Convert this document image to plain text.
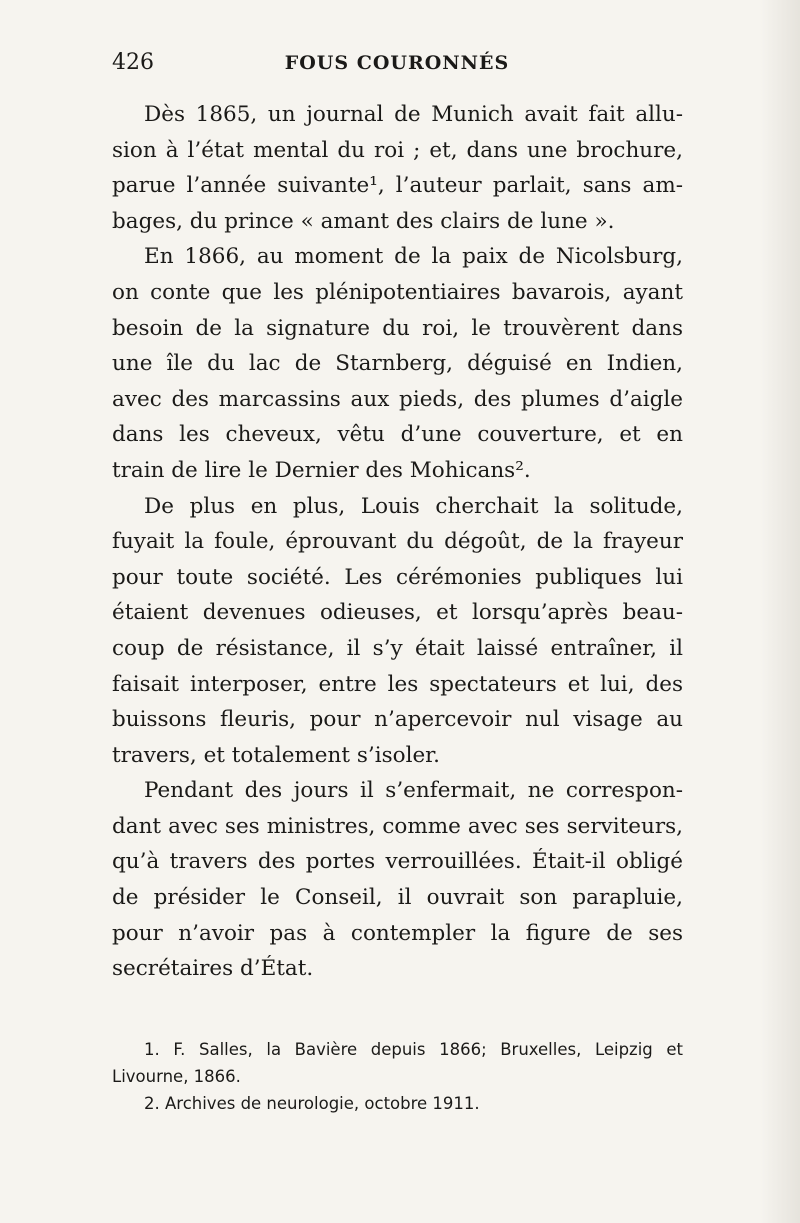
426	FOUS COURONNÉS
Dès 1865, un journal de Munich avait fait allu-
sion à l’état mental du roi ; et, dans une brochure,
parue l’année suivante¹, l’auteur parlait, sans am-
bages, du prince « amant des clairs de lune ».
En 1866, au moment de la paix de Nicolsburg,
on conte que les plénipotentiaires bavarois, ayant
besoin de la signature du roi, le trouvèrent dans
une île du lac de Starnberg, déguisé en Indien,
avec des marcassins aux pieds, des plumes d’aigle
dans les cheveux, vêtu d’une couverture, et en
train de lire le Dernier des Mohicans².
De plus en plus, Louis cherchait la solitude,
fuyait la foule, éprouvant du dégoût, de la frayeur
pour toute société. Les cérémonies publiques lui
étaient devenues odieuses, et lorsqu’après beau-
coup de résistance, il s’y était laissé entraîner, il
faisait interposer, entre les spectateurs et lui, des
buissons fleuris, pour n’apercevoir nul visage au
travers, et totalement s’isoler.
Pendant des jours il s’enfermait, ne correspon-
dant avec ses ministres, comme avec ses serviteurs,
qu’à travers des portes verrouillées. Était-il obligé
de présider le Conseil, il ouvrait son parapluie,
pour n’avoir pas à contempler la figure de ses
secrétaires d’État.
1. F. Salles, la Bavière depuis 1866; Bruxelles, Leipzig et
Livourne, 1866.
2. Archives de neurologie, octobre 1911.
